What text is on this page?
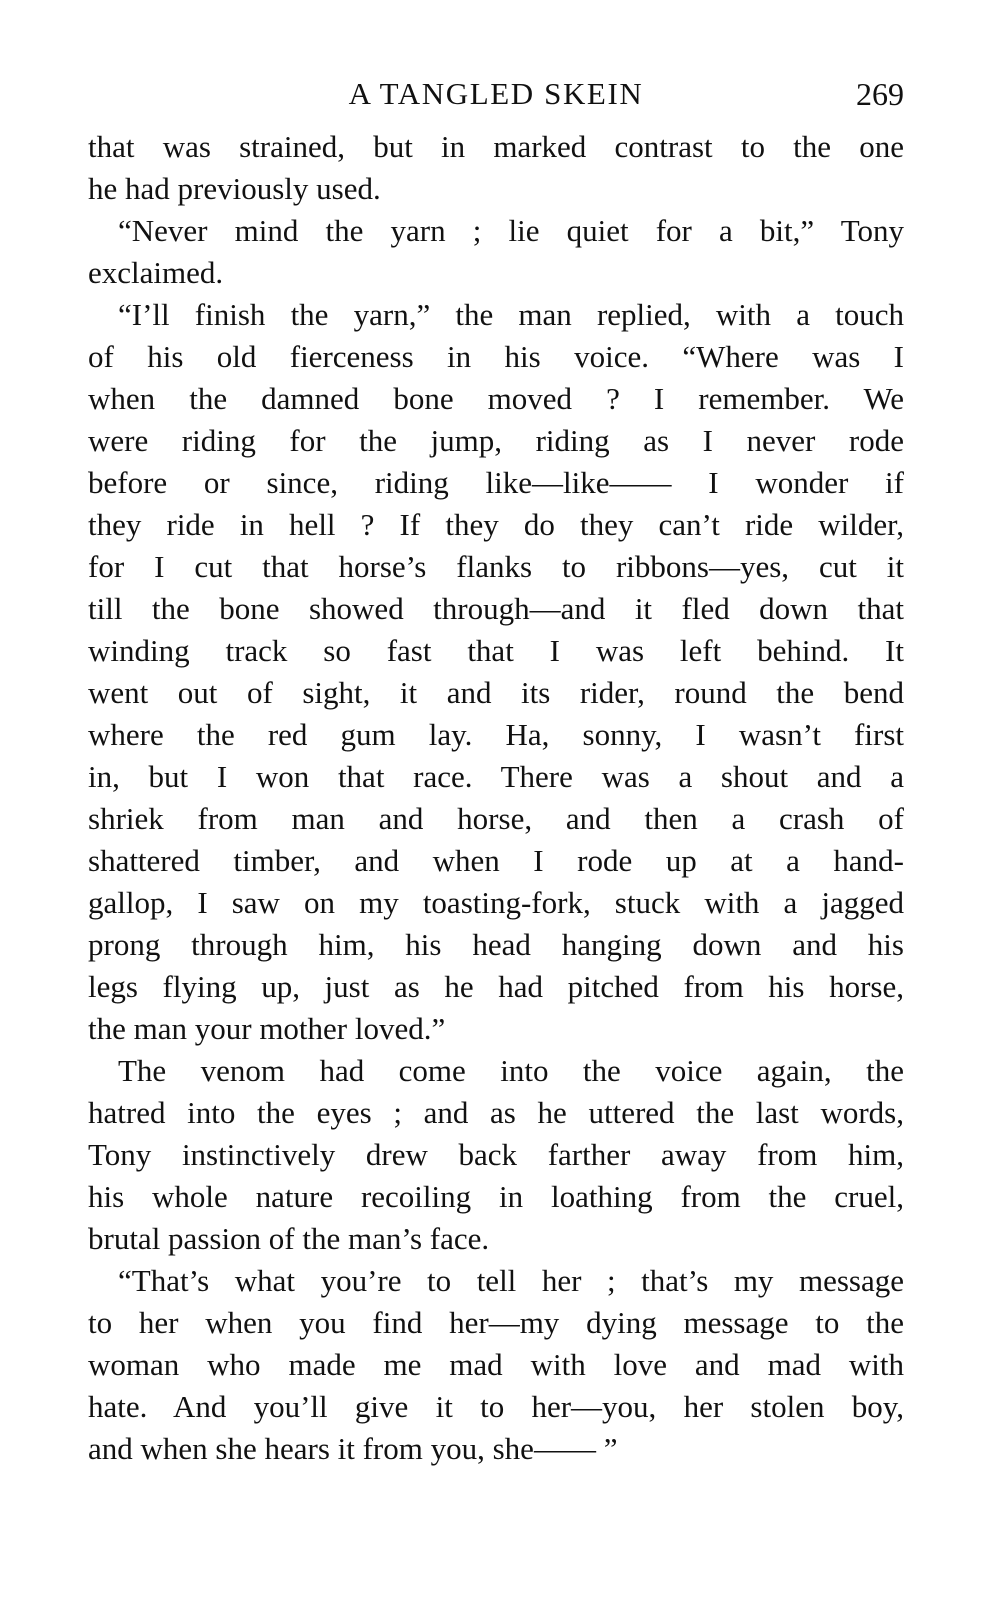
A TANGLED SKEIN	269
that was strained, but in marked contrast to the one
he had previously used.
“Never mind the yarn ; lie quiet for a bit,” Tony
exclaimed.
“I’ll finish the yarn,” the man replied, with a touch
of his old fierceness in his voice. “Where was I
when the damned bone moved ? I remember. We
were riding for the jump, riding as I never rode
before or since, riding like—like—— I wonder if
they ride in hell ? If they do they can’t ride wilder,
for I cut that horse’s flanks to ribbons—yes, cut it
till the bone showed through—and it fled down that
winding track so fast that I was left behind. It
went out of sight, it and its rider, round the bend
where the red gum lay. Ha, sonny, I wasn’t first
in, but I won that race. There was a shout and a
shriek from man and horse, and then a crash of
shattered timber, and when I rode up at a hand-
gallop, I saw on my toasting-fork, stuck with a jagged
prong through him, his head hanging down and his
legs flying up, just as he had pitched from his horse,
the man your mother loved.”
The venom had come into the voice again, the
hatred into the eyes ; and as he uttered the last words,
Tony instinctively drew back farther away from him,
his whole nature recoiling in loathing from the cruel,
brutal passion of the man’s face.
“That’s what you’re to tell her ; that’s my message
to her when you find her—my dying message to the
woman who made me mad with love and mad with
hate. And you’ll give it to her—you, her stolen boy,
and when she hears it from you, she—— ”
